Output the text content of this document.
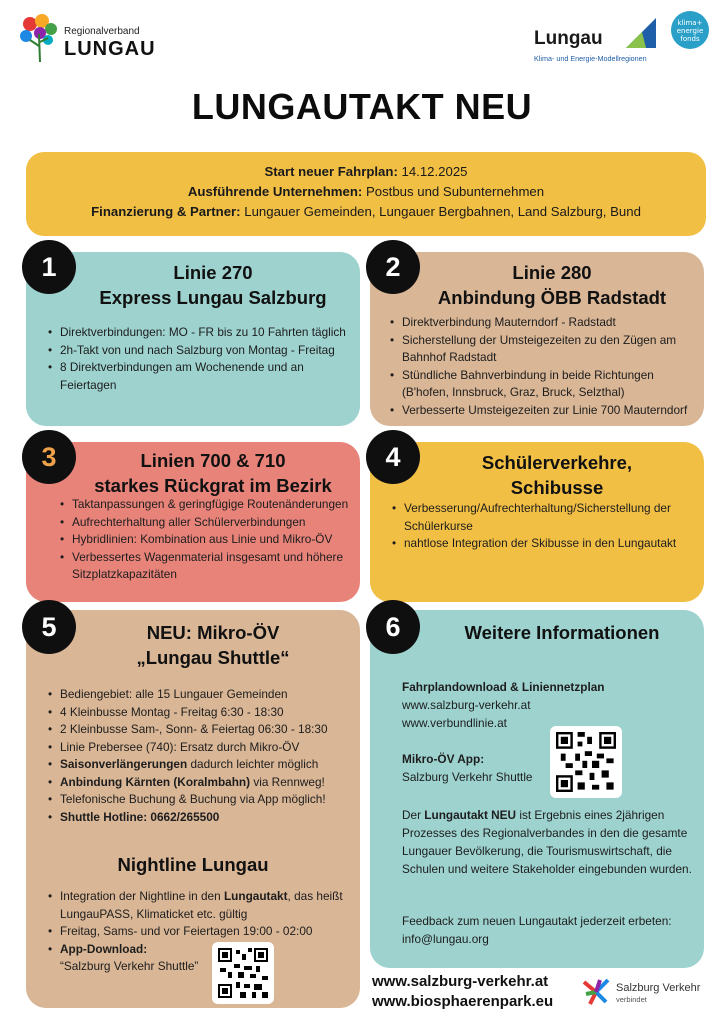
Regionalverband
LUNGAU	Lungau
klima+
energie
fonds
Klima- und Energie-Modellregionen
LUNGAUTAKT NEU
Start neuer Fahrplan: 14.12.2025
Ausführende Unternehmen: Postbus und Subunternehmen
Finanzierung & Partner: Lungauer Gemeinden, Lungauer Bergbahnen, Land Salzburg, Bund
Linie 270
Express Lungau Salzburg
• Direktverbindungen: MO - FR bis zu 10 Fahrten täglich
• 2h-Takt von und nach Salzburg von Montag - Freitag
• 8 Direktverbindungen am Wochenende und an Feiertagen
1	Linie 280
Anbindung ÖBB Radstadt
• Direktverbindung Mauterndorf - Radstadt
• Sicherstellung der Umsteigezeiten zu den Zügen am Bahnhof Radstadt
• Stündliche Bahnverbindung in beide Richtungen (B'hofen, Innsbruck, Graz, Bruck, Selzthal)
• Verbesserte Umsteigezeiten zur Linie 700 Mauterndorf
2
Linien 700 & 710
starkes Rückgrat im Bezirk
• Taktanpassungen & geringfügige Routenänderungen
• Aufrechterhaltung aller Schülerverbindungen
• Hybridlinien: Kombination aus Linie und Mikro-ÖV
• Verbessertes Wagenmaterial insgesamt und höhere Sitzplatzkapazitäten
3	Schülerverkehre,
Schibusse
• Verbesserung/Aufrechterhaltung/Sicherstellung der Schülerkurse
• nahtlose Integration der Skibusse in den Lungautakt
4
NEU: Mikro-ÖV
„Lungau Shuttle“
• Bediengebiet: alle 15 Lungauer Gemeinden
• 4 Kleinbusse Montag - Freitag 6:30 - 18:30
• 2 Kleinbusse Sam-, Sonn- & Feiertag 06:30 - 18:30
• Linie Prebersee (740): Ersatz durch Mikro-ÖV
• Saisonverlängerungen dadurch leichter möglich
• Anbindung Kärnten (Koralmbahn) via Rennweg!
• Telefonische Buchung & Buchung via App möglich!
• Shuttle Hotline: 0662/265500
Nightline Lungau
• Integration der Nightline in den Lungautakt, das heißt LungauPASS, Klimaticket etc. gültig
• Freitag, Sams- und vor Feiertagen 19:00 - 02:00
• App-Download:
“Salzburg Verkehr Shuttle”
5	Weitere Informationen
Fahrplandownload & Liniennetzplan
www.salzburg-verkehr.at
www.verbundlinie.at
Mikro-ÖV App:
Salzburg Verkehr Shuttle
Der Lungautakt NEU ist Ergebnis eines 2jährigen Prozesses des Regionalverbandes in den die gesamte Lungauer Bevölkerung, die Tourismuswirtschaft, die Schulen und weitere Stakeholder eingebunden wurden.
Feedback zum neuen Lungautakt jederzeit erbeten:
info@lungau.org
6
www.salzburg-verkehr.at
www.biosphaerenpark.eu
Salzburg Verkehr
verbindet
